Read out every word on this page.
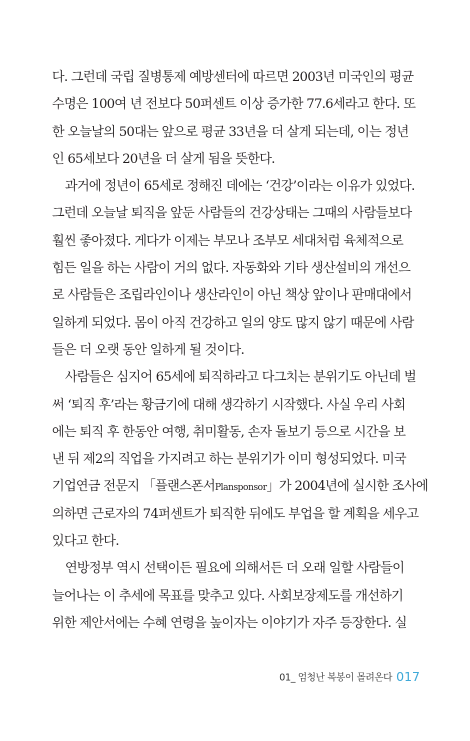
다. 그런데 국립 질병통제 예방센터에 따르면 2003년 미국인의 평균
수명은 100여 년 전보다 50퍼센트 이상 증가한 77.6세라고 한다. 또
한 오늘날의 50대는 앞으로 평균 33년을 더 살게 되는데, 이는 정년
인 65세보다 20년을 더 살게 됨을 뜻한다.
과거에 정년이 65세로 정해진 데에는 ‘건강’이라는 이유가 있었다.
그런데 오늘날 퇴직을 앞둔 사람들의 건강상태는 그때의 사람들보다
훨씬 좋아졌다. 게다가 이제는 부모나 조부모 세대처럼 육체적으로
힘든 일을 하는 사람이 거의 없다. 자동화와 기타 생산설비의 개선으
로 사람들은 조립라인이나 생산라인이 아닌 책상 앞이나 판매대에서
일하게 되었다. 몸이 아직 건강하고 일의 양도 많지 않기 때문에 사람
들은 더 오랫 동안 일하게 될 것이다.
사람들은 심지어 65세에 퇴직하라고 다그치는 분위기도 아닌데 벌
써 ‘퇴직 후’라는 황금기에 대해 생각하기 시작했다. 사실 우리 사회
에는 퇴직 후 한동안 여행, 취미활동, 손자 돌보기 등으로 시간을 보
낸 뒤 제2의 직업을 가지려고 하는 분위기가 이미 형성되었다. 미국
기업연금 전문지 「플랜스폰서Plansponsor」가 2004년에 실시한 조사에
의하면 근로자의 74퍼센트가 퇴직한 뒤에도 부업을 할 계획을 세우고
있다고 한다.
연방정부 역시 선택이든 필요에 의해서든 더 오래 일할 사람들이
늘어나는 이 추세에 목표를 맞추고 있다. 사회보장제도를 개선하기
위한 제안서에는 수혜 연령을 높이자는 이야기가 자주 등장한다. 실
01_ 엄청난 복봉이 몰려온다 017
